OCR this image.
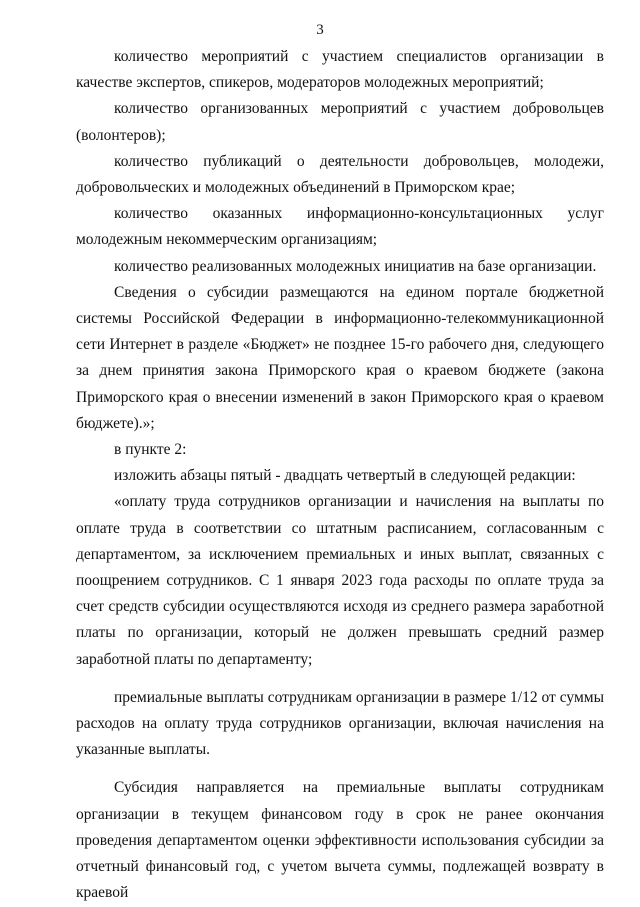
3

количество мероприятий с участием специалистов организации в качестве экспертов, спикеров, модераторов молодежных мероприятий;

количество организованных мероприятий с участием добровольцев (волонтеров);

количество публикаций о деятельности добровольцев, молодежи, добровольческих и молодежных объединений в Приморском крае;

количество оказанных информационно-консультационных услуг молодежным некоммерческим организациям;

количество реализованных молодежных инициатив на базе организации.

Сведения о субсидии размещаются на едином портале бюджетной системы Российской Федерации в информационно-телекоммуникационной сети Интернет в разделе «Бюджет» не позднее 15-го рабочего дня, следующего за днем принятия закона Приморского края о краевом бюджете (закона Приморского края о внесении изменений в закон Приморского края о краевом бюджете).»;

в пункте 2:

изложить абзацы пятый - двадцать четвертый в следующей редакции:

«оплату труда сотрудников организации и начисления на выплаты по оплате труда в соответствии со штатным расписанием, согласованным с департаментом, за исключением премиальных и иных выплат, связанных с поощрением сотрудников. С 1 января 2023 года расходы по оплате труда за счет средств субсидии осуществляются исходя из среднего размера заработной платы по организации, который не должен превышать средний размер заработной платы по департаменту;

премиальные выплаты сотрудникам организации в размере 1/12 от суммы расходов на оплату труда сотрудников организации, включая начисления на указанные выплаты.

Субсидия направляется на премиальные выплаты сотрудникам организации в текущем финансовом году в срок не ранее окончания проведения департаментом оценки эффективности использования субсидии за отчетный финансовый год, с учетом вычета суммы, подлежащей возврату в краевой
